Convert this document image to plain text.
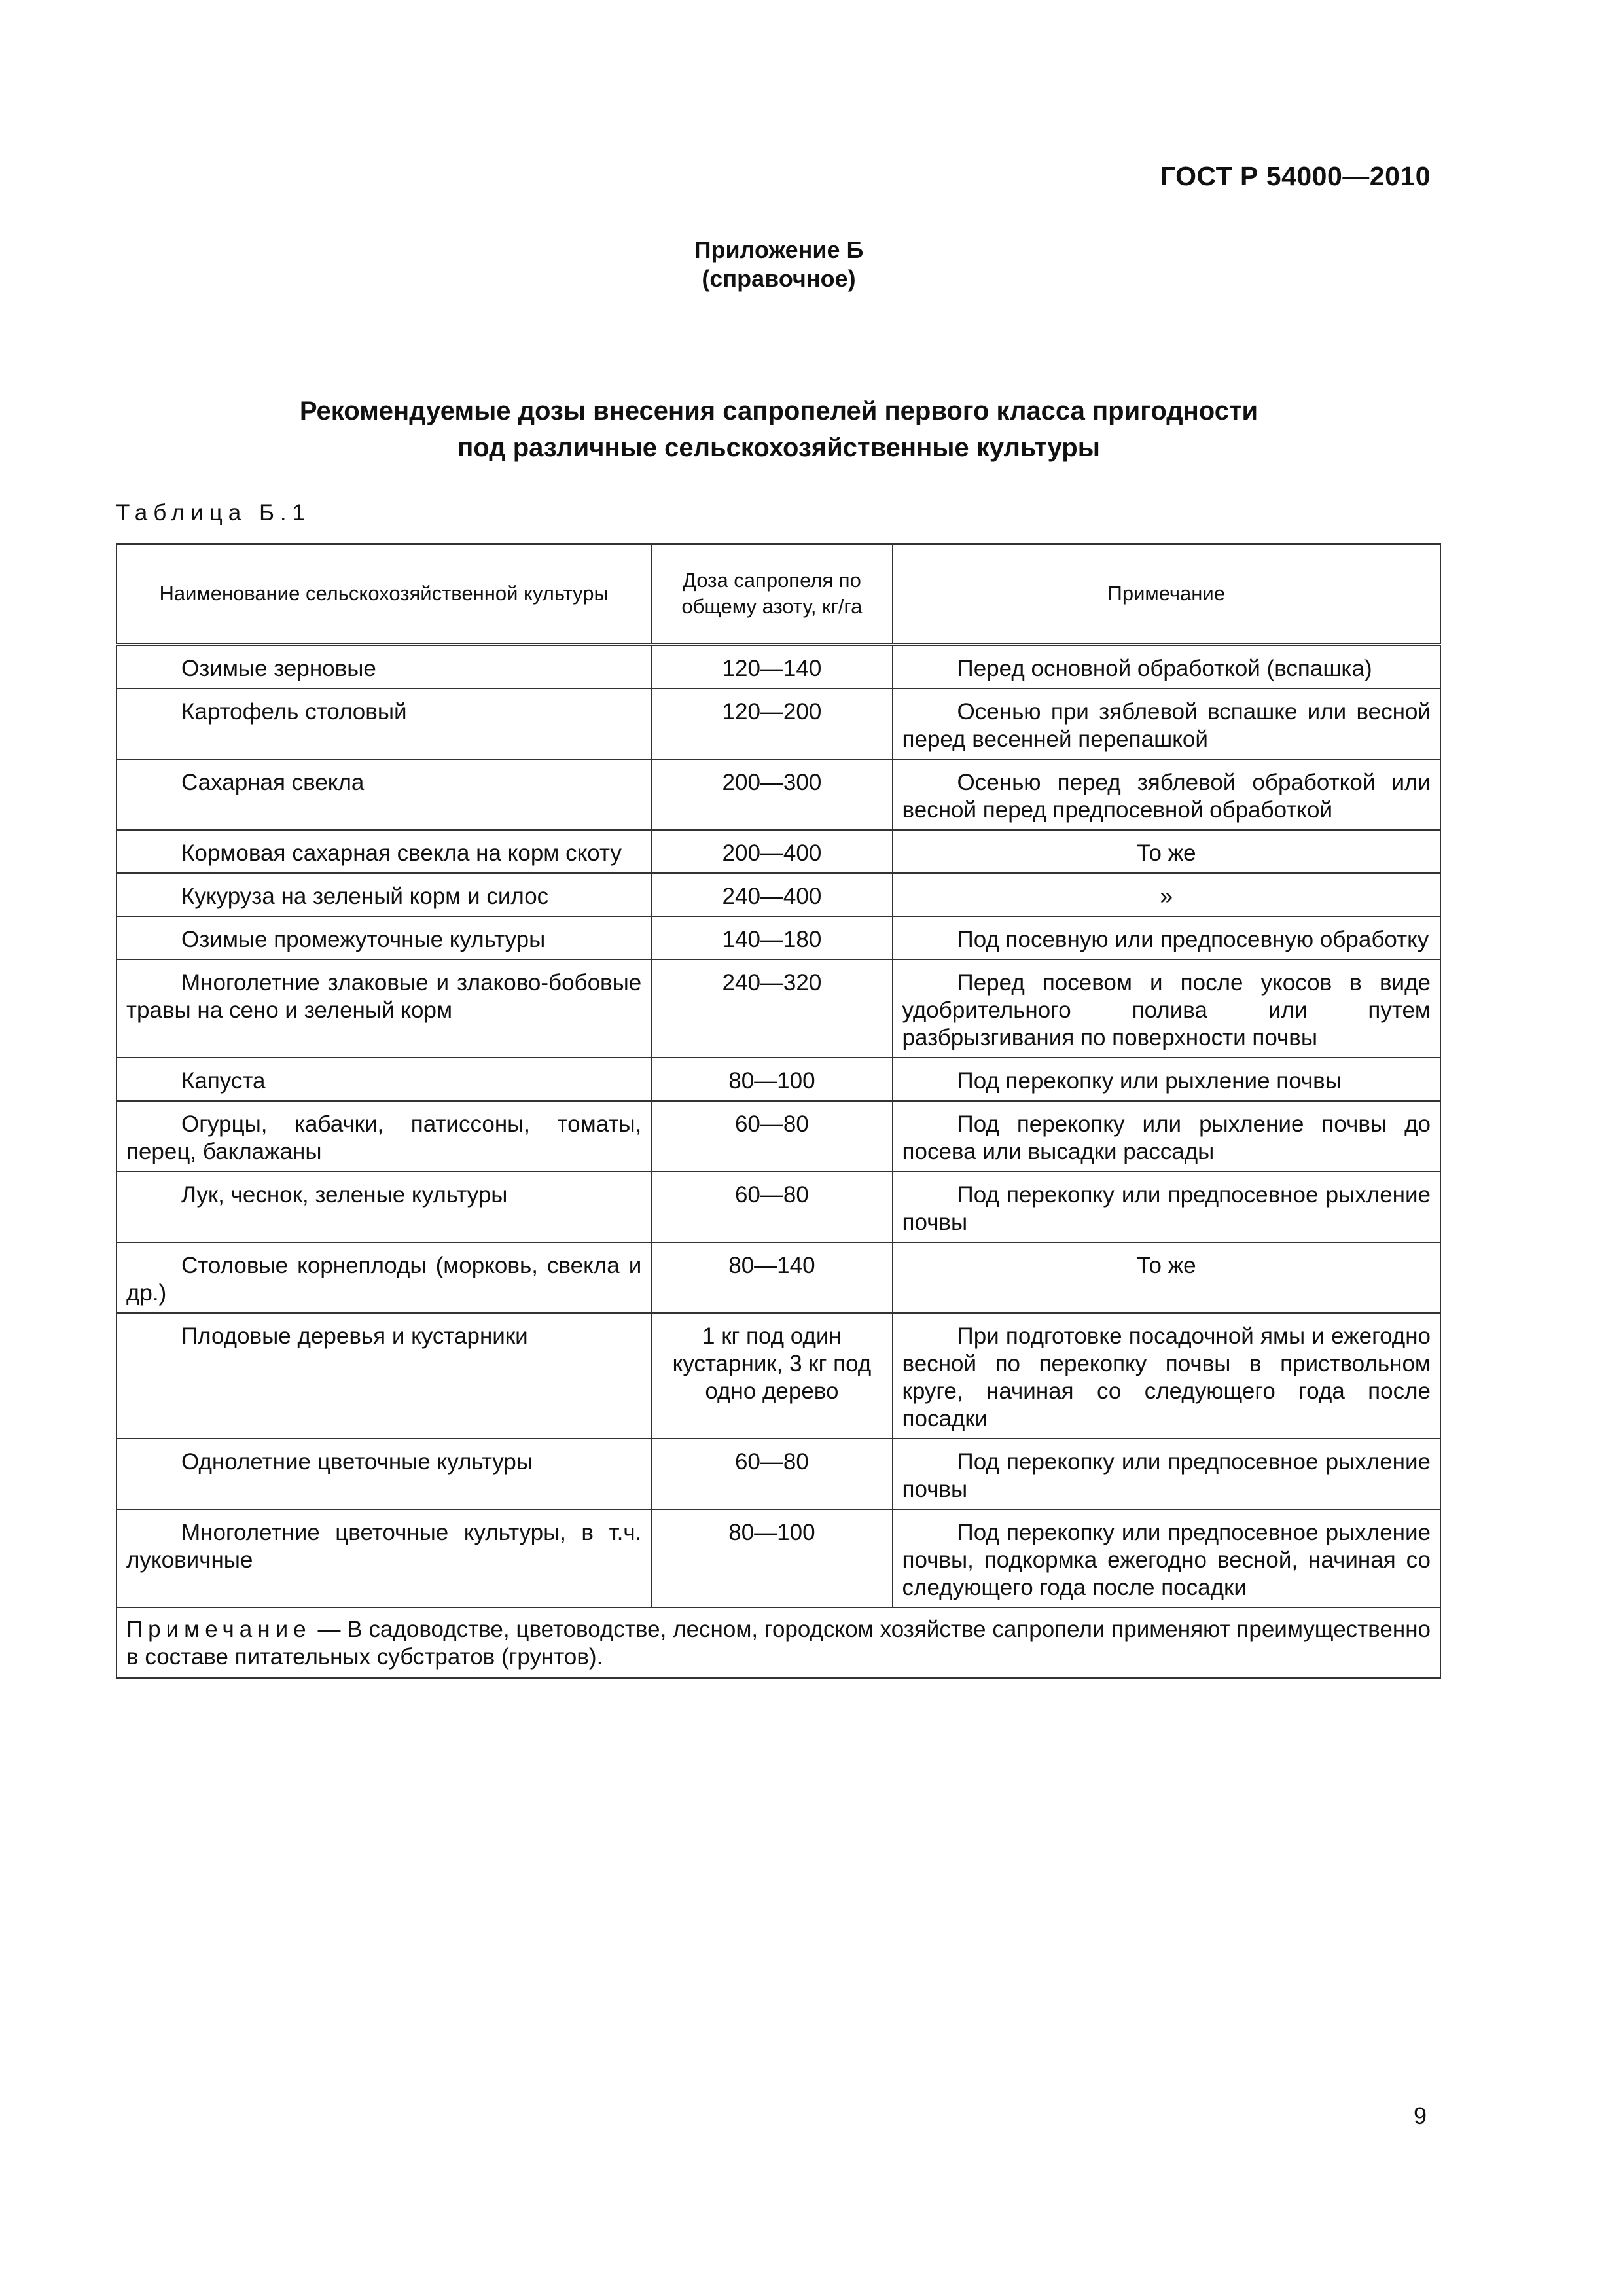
ГОСТ Р 54000—2010
Приложение Б
(справочное)
Рекомендуемые дозы внесения сапропелей первого класса пригодности
под различные сельскохозяйственные культуры
Таблица Б.1
Наименование сельскохозяйственной культуры	Доза сапропеля по общему азоту, кг/га	Примечание
Озимые зерновые	120—140	Перед основной обработкой (вспашка)
Картофель столовый	120—200	Осенью при зяблевой вспашке или весной перед весенней перепашкой
Сахарная свекла	200—300	Осенью перед зяблевой обработкой или весной перед предпосевной обработкой
Кормовая сахарная свекла на корм скоту	200—400	То же
Кукуруза на зеленый корм и силос	240—400	»
Озимые промежуточные культуры	140—180	Под посевную или предпосевную обработку
Многолетние злаковые и злаково-бобовые травы на сено и зеленый корм	240—320	Перед посевом и после укосов в виде удобрительного полива или путем разбрызгивания по поверхности почвы
Капуста	80—100	Под перекопку или рыхление почвы
Огурцы, кабачки, патиссоны, томаты, перец, баклажаны	60—80	Под перекопку или рыхление почвы до посева или высадки рассады
Лук, чеснок, зеленые культуры	60—80	Под перекопку или предпосевное рыхление почвы
Столовые корнеплоды (морковь, свекла и др.)	80—140	То же
Плодовые деревья и кустарники	1 кг под один кустарник, 3 кг под одно дерево	При подготовке посадочной ямы и ежегодно весной по перекопку почвы в приствольном круге, начиная со следующего года после посадки
Однолетние цветочные культуры	60—80	Под перекопку или предпосевное рыхление почвы
Многолетние цветочные культуры, в т.ч. луковичные	80—100	Под перекопку или предпосевное рыхление почвы, подкормка ежегодно весной, начиная со следующего года после посадки
Примечание — В садоводстве, цветоводстве, лесном, городском хозяйстве сапропели применяют преимущественно в составе питательных субстратов (грунтов).		
9
